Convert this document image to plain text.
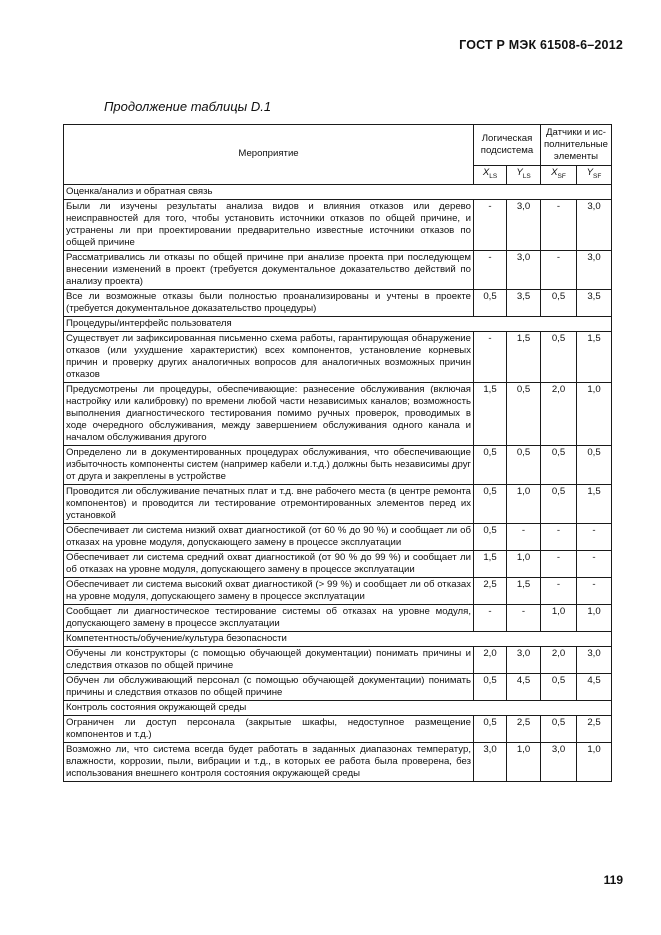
ГОСТ Р МЭК 61508-6–2012
Продолжение таблицы D.1
Мероприятие	Логическая подсистема		Датчики и ис-полнительные элементы	
	$X_{LS}$	$Y_{LS}$	$X_{SF}$	$Y_{SF}$
Оценка/анализ и обратная связь				
Были ли изучены результаты анализа видов и влияния отказов или дерево неисправностей для того, чтобы установить источники отказов по общей причине, и устранены ли при проектировании предварительно известные источники отказов по общей причине	-	3,0	-	3,0
Рассматривались ли отказы по общей причине при анализе проекта при последующем внесении изменений в проект (требуется документальное доказательство действий по анализу проекта)	-	3,0	-	3,0
Все ли возможные отказы были полностью проанализированы и учтены в проекте (требуется документальное доказательство процедуры)	0,5	3,5	0,5	3,5
Процедуры/интерфейс пользователя				
Существует ли зафиксированная письменно схема работы, гарантирующая обнаружение отказов (или ухудшение характеристик) всех компонентов, установление корневых причин и проверку других аналогичных вопросов для аналогичных возможных причин отказов	-	1,5	0,5	1,5
Предусмотрены ли процедуры, обеспечивающие: разнесение обслуживания (включая настройку или калибровку) по времени любой части независимых каналов; возможность выполнения диагностического тестирования помимо ручных проверок, проводимых в ходе очередного обслуживания, между завершением обслуживания одного канала и началом обслуживания другого	1,5	0,5	2,0	1,0
Определено ли в документированных процедурах обслуживания, что обеспечивающие избыточность компоненты систем (например кабели и.т.д.) должны быть независимы друг от друга и закреплены в устройстве	0,5	0,5	0,5	0,5
Проводится ли обслуживание печатных плат и т.д. вне рабочего места (в центре ремонта компонентов) и проводится ли тестирование отремонтированных элементов перед их установкой	0,5	1,0	0,5	1,5
Обеспечивает ли система низкий охват диагностикой (от 60 % до 90 %) и сообщает ли об отказах на уровне модуля, допускающего замену в процессе эксплуатации	0,5	-	-	-
Обеспечивает ли система средний охват диагностикой (от 90 % до 99 %) и сообщает ли об отказах на уровне модуля, допускающего замену в процессе эксплуатации	1,5	1,0	-	-
Обеспечивает ли система высокий охват диагностикой (> 99 %) и сообщает ли об отказах на уровне модуля, допускающего замену в процессе эксплуатации	2,5	1,5	-	-
Сообщает ли диагностическое тестирование системы об отказах на уровне модуля, допускающего замену в процессе эксплуатации	-	-	1,0	1,0
Компетентность/обучение/культура безопасности				
Обучены ли конструкторы (с помощью обучающей документации) понимать причины и следствия отказов по общей причине	2,0	3,0	2,0	3,0
Обучен ли обслуживающий персонал (с помощью обучающей документации) понимать причины и следствия отказов по общей причине	0,5	4,5	0,5	4,5
Контроль состояния окружающей среды				
Ограничен ли доступ персонала (закрытые шкафы, недоступное размещение компонентов и т.д.)	0,5	2,5	0,5	2,5
Возможно ли, что система всегда будет работать в заданных диапазонах температур, влажности, коррозии, пыли, вибрации и т.д., в которых ее работа была проверена, без использования внешнего контроля состояния окружающей среды	3,0	1,0	3,0	1,0
119
